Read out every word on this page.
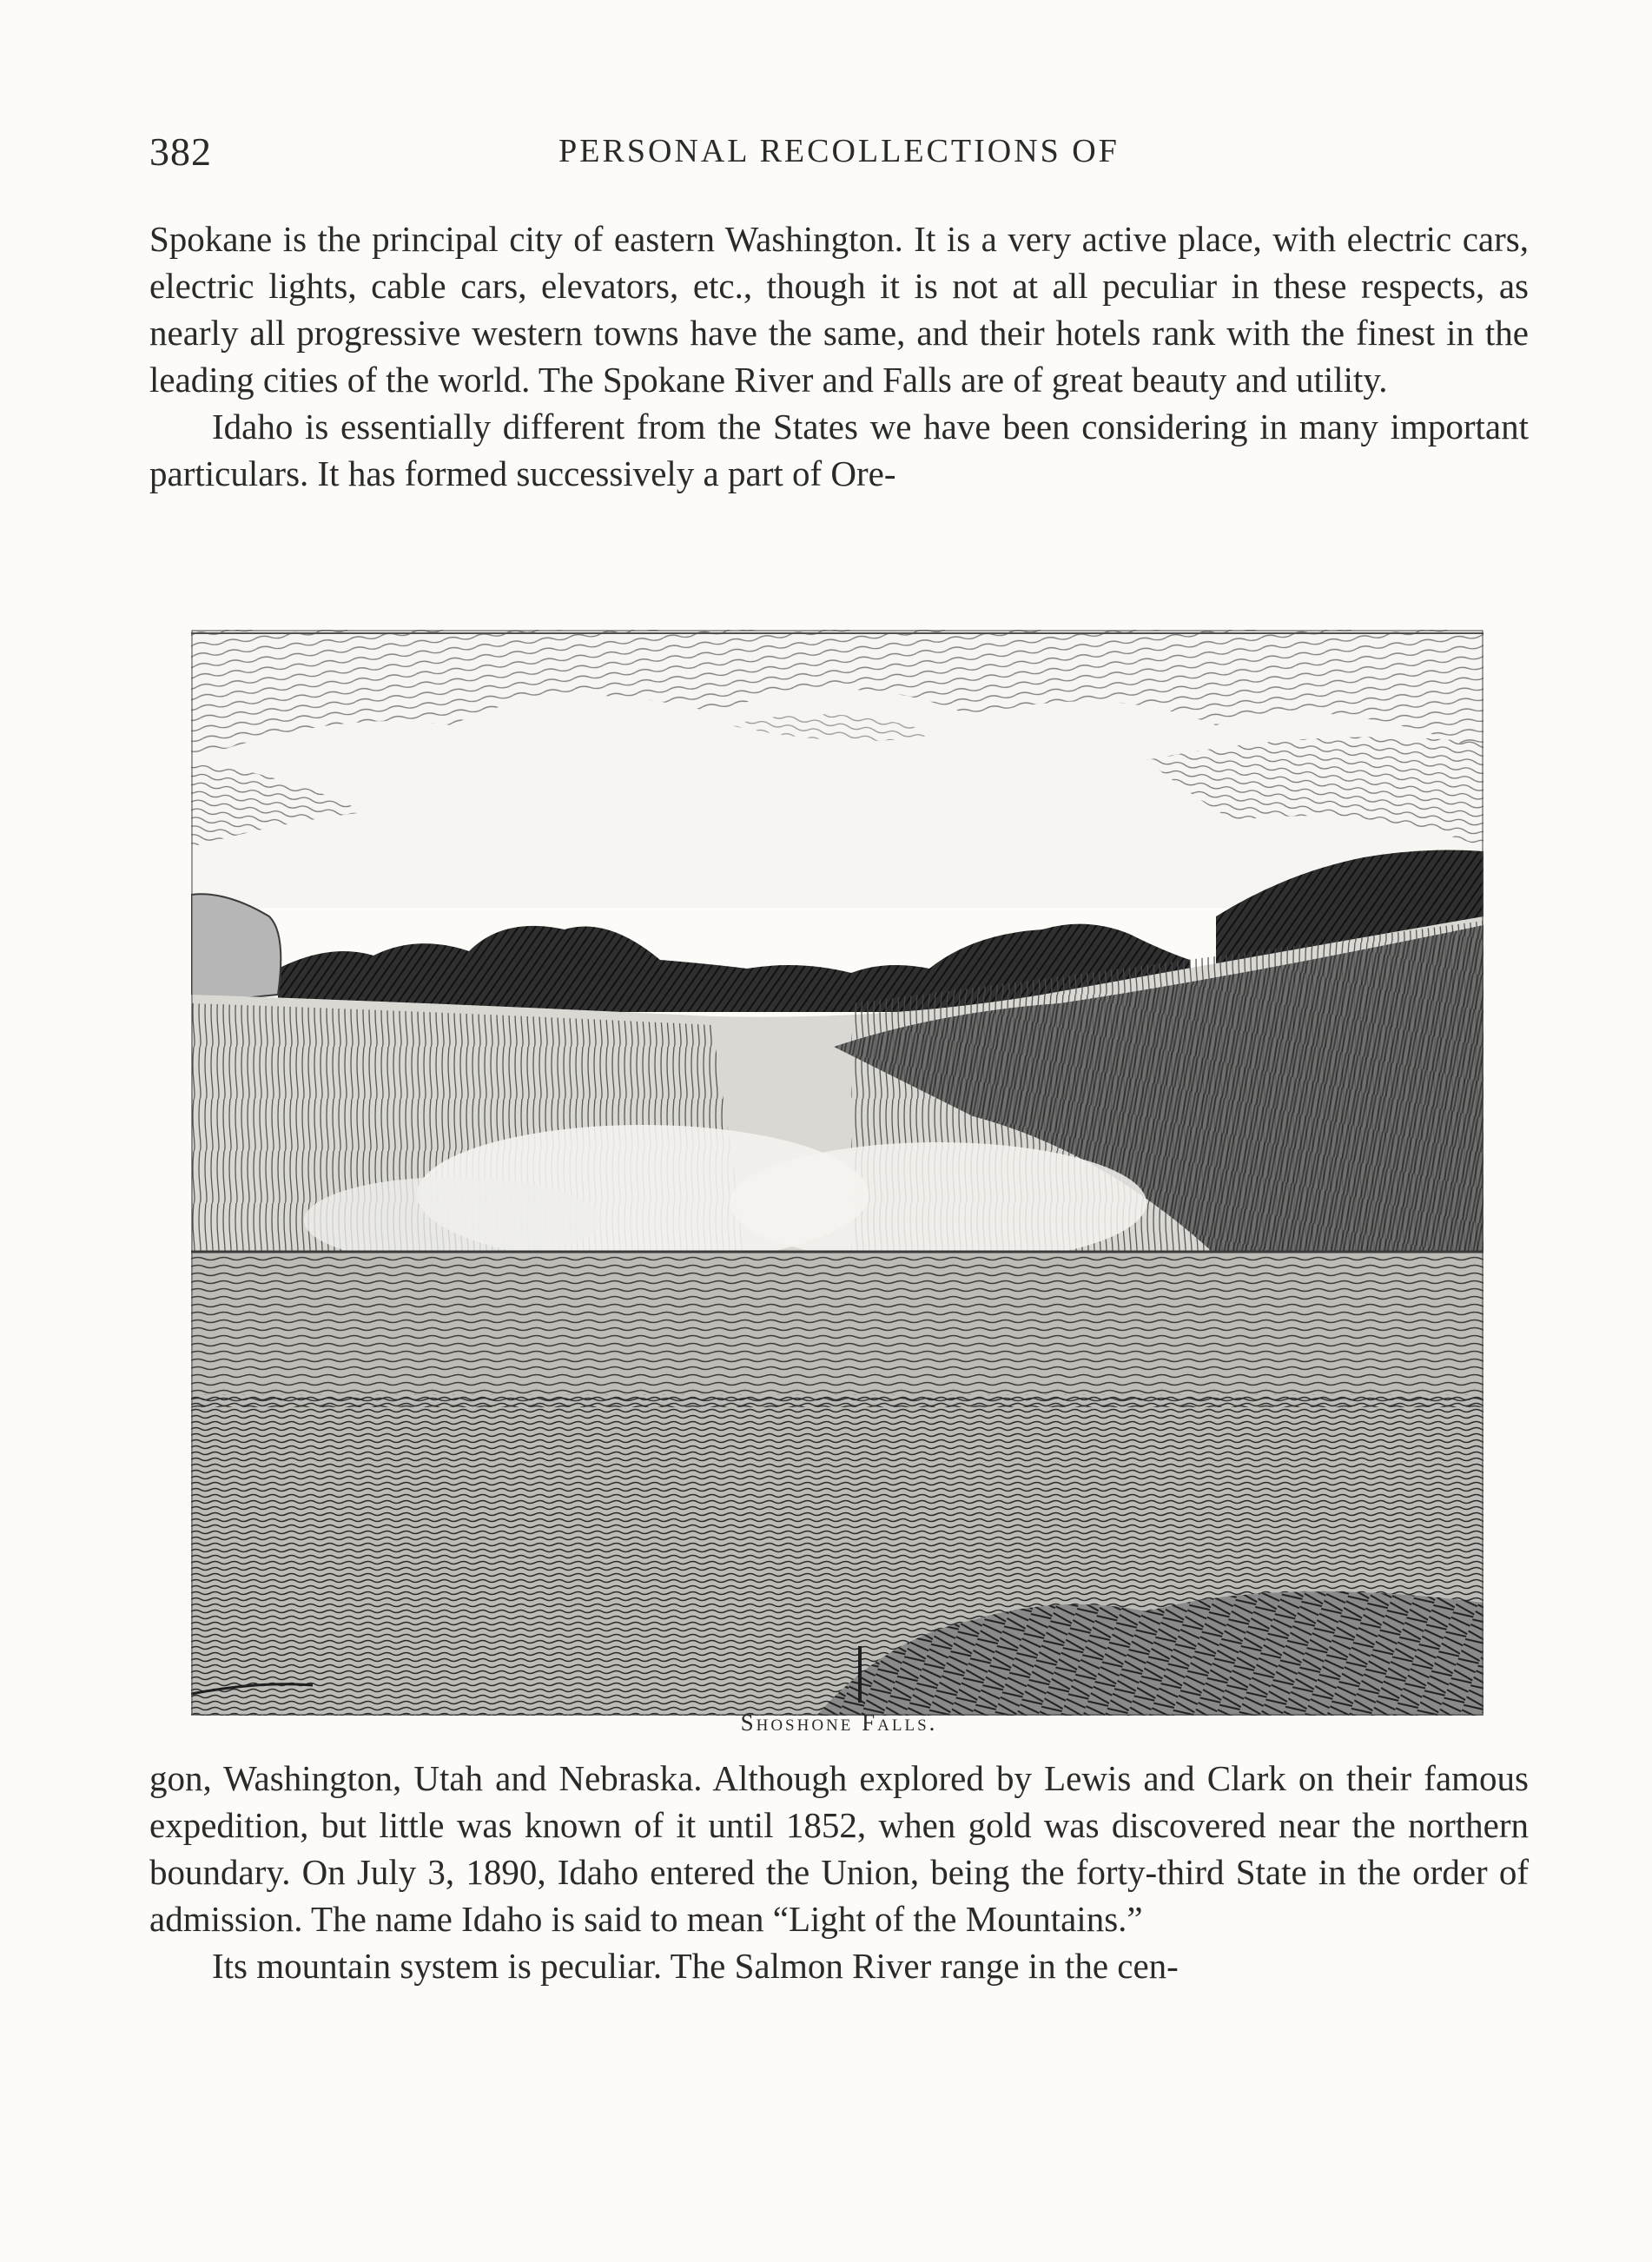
382	PERSONAL RECOLLECTIONS OF

Spokane is the principal city of eastern Washington. It is a very active place, with electric cars, electric lights, cable cars, elevators, etc., though it is not at all peculiar in these respects, as nearly all progressive western towns have the same, and their hotels rank with the finest in the leading cities of the world. The Spokane River and Falls are of great beauty and utility.

Idaho is essentially different from the States we have been considering in many important particulars. It has formed successively a part of Ore-

Shoshone Falls.

gon, Washington, Utah and Nebraska. Although explored by Lewis and Clark on their famous expedition, but little was known of it until 1852, when gold was discovered near the northern boundary. On July 3, 1890, Idaho entered the Union, being the forty-third State in the order of admission. The name Idaho is said to mean “Light of the Mountains.”

Its mountain system is peculiar. The Salmon River range in the cen-
